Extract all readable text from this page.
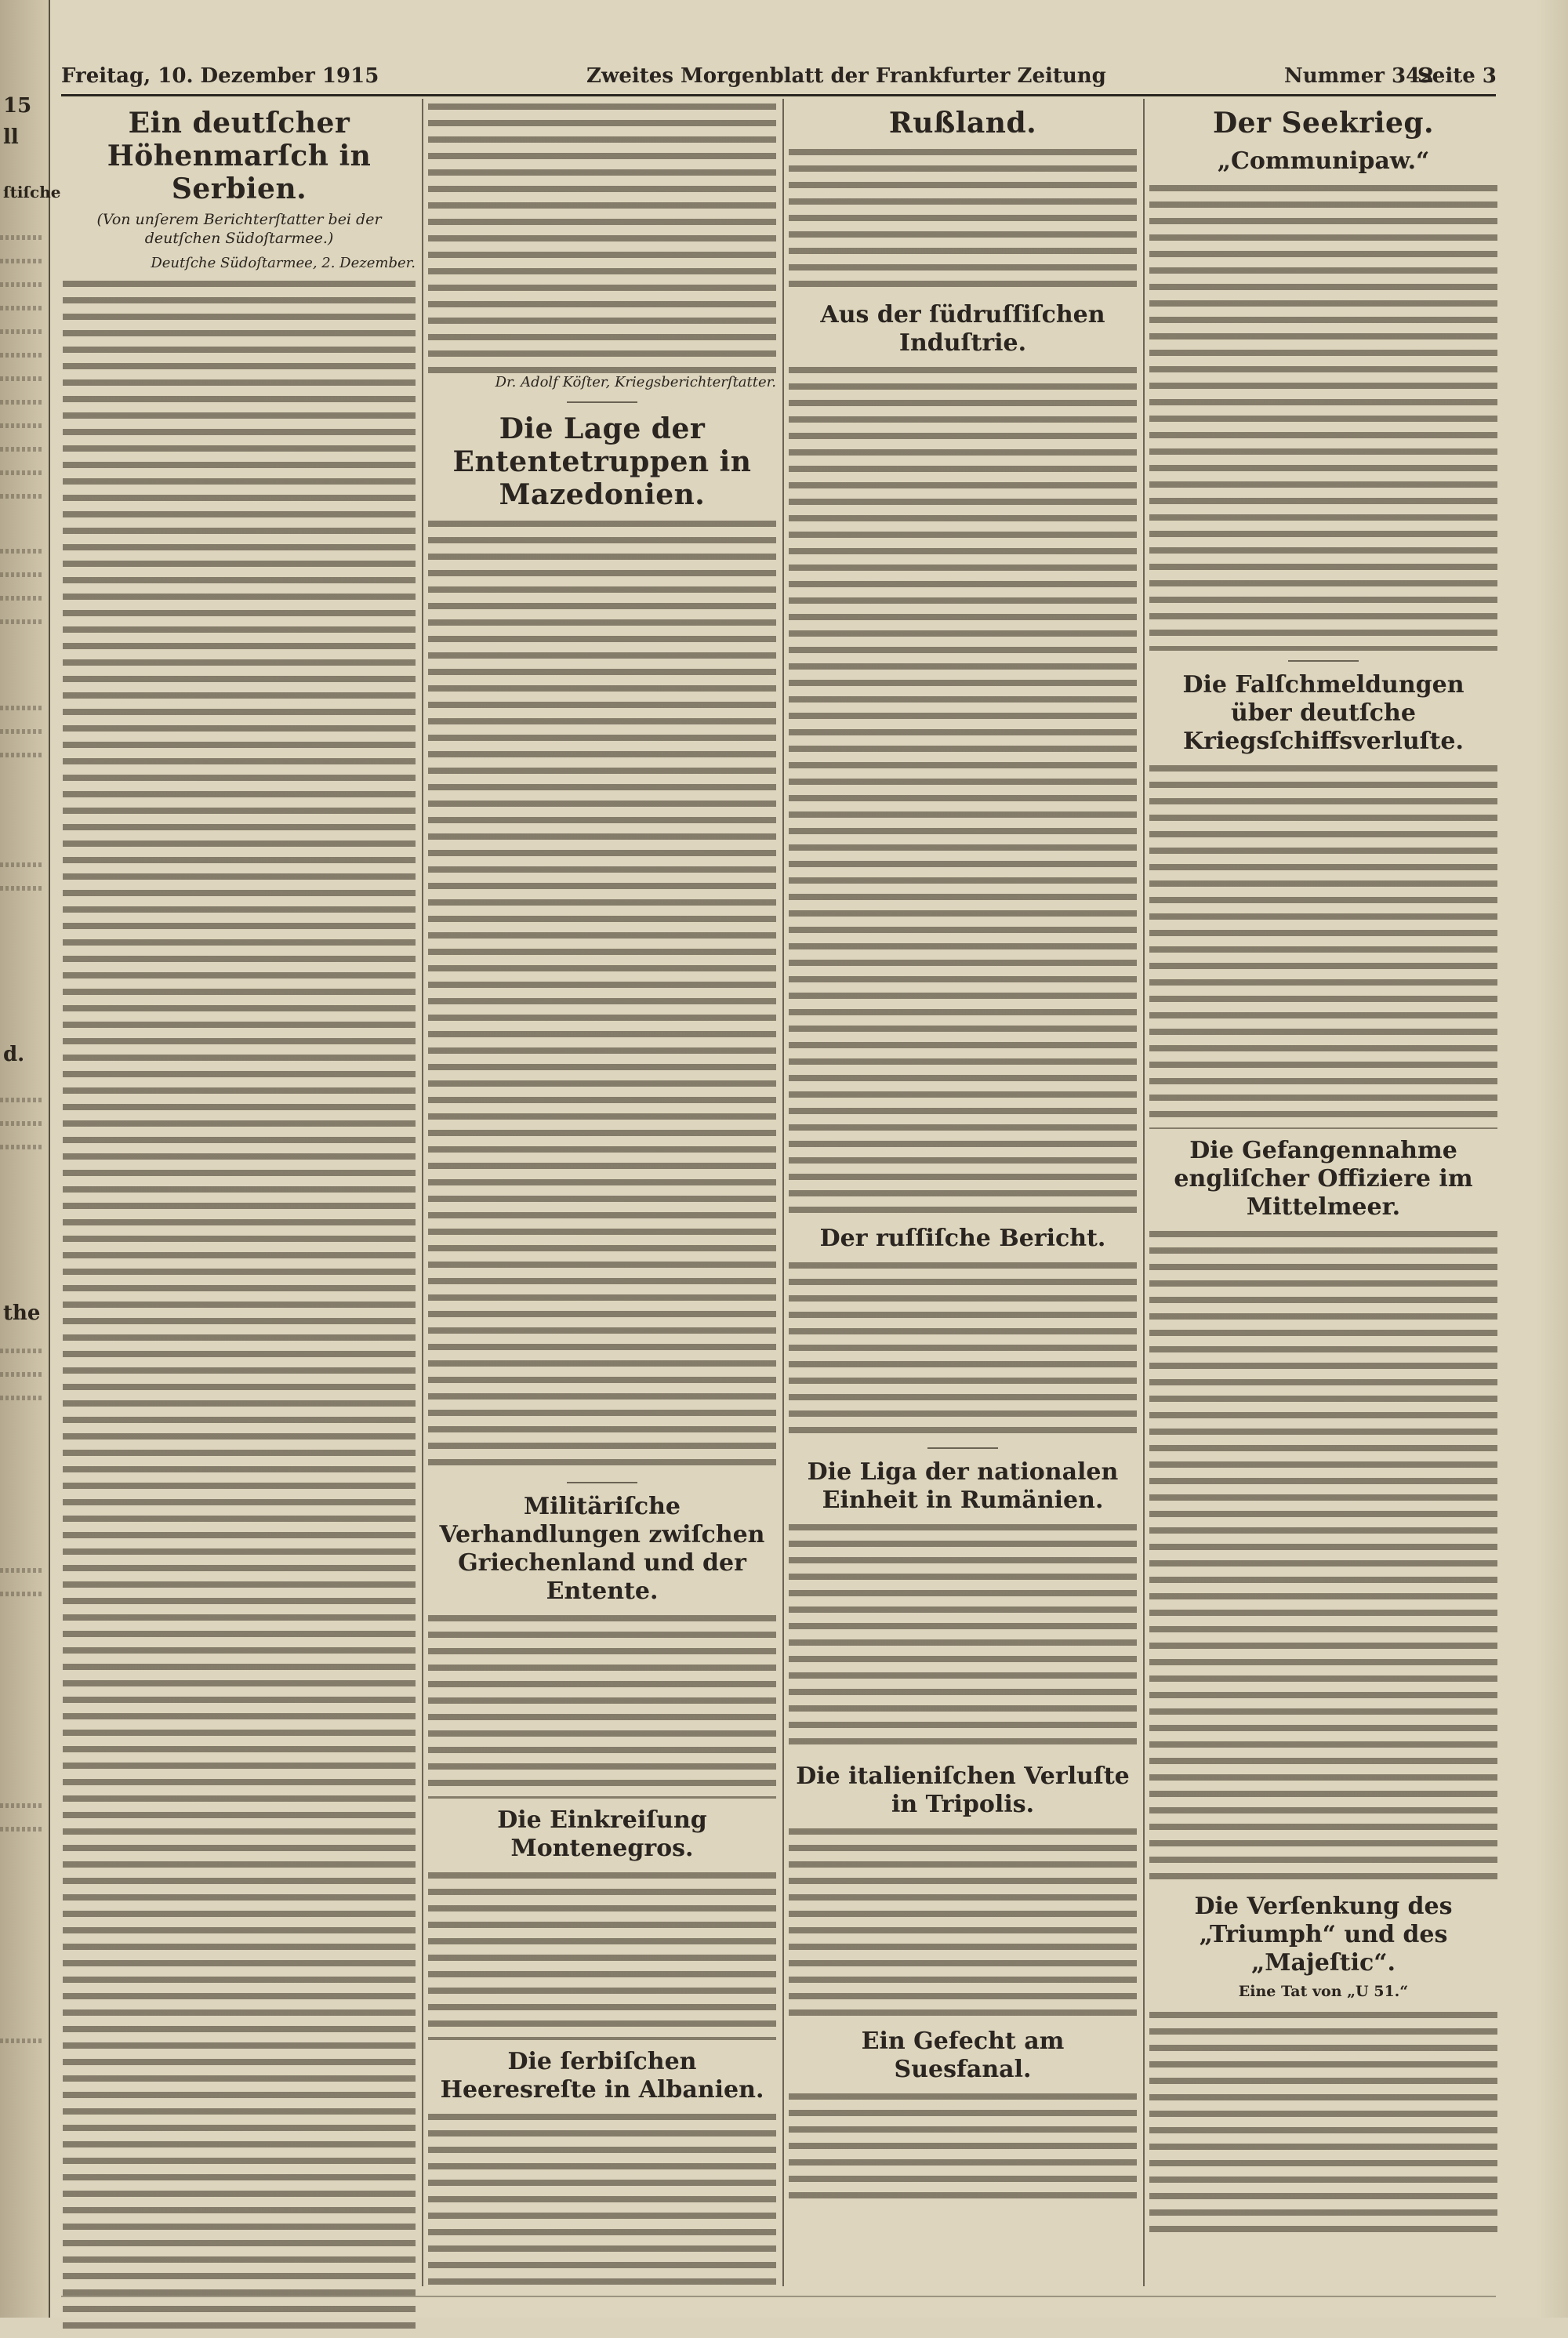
15
ll
ſtiſche
d.
the
Freitag, 10. Dezember 1915	Zweites Morgenblatt der Frankfurter Zeitung	Nummer 342
Seite 3
Ein deutſcher Höhenmarſch in Serbien.
(Von unſerem Berichterſtatter bei der deutſchen Südoſtarmee.)
Deutſche Südoſtarmee, 2. Dezember.
Dr. Adolf Köſter, Kriegsberichterſtatter.
Die Lage der Ententetruppen in Mazedonien.
Militäriſche Verhandlungen zwiſchen Griechenland und der Entente.
Die Einkreiſung Montenegros.
Die ſerbiſchen Heeresreſte in Albanien.
Rußland.
Aus der ſüdruſſiſchen Induſtrie.
Der ruſſiſche Bericht.
Die Liga der nationalen Einheit in Rumänien.
Die italieniſchen Verluſte in Tripolis.
Ein Gefecht am Suesfanal.
Der Seekrieg.
„Communipaw.“
Die Falſchmeldungen über deutſche Kriegsſchiffsverluſte.
Die Gefangennahme engliſcher Offiziere im Mittelmeer.
Die Verſenkung des „Triumph“ und des „Majeſtic“.
Eine Tat von „U 51.“
